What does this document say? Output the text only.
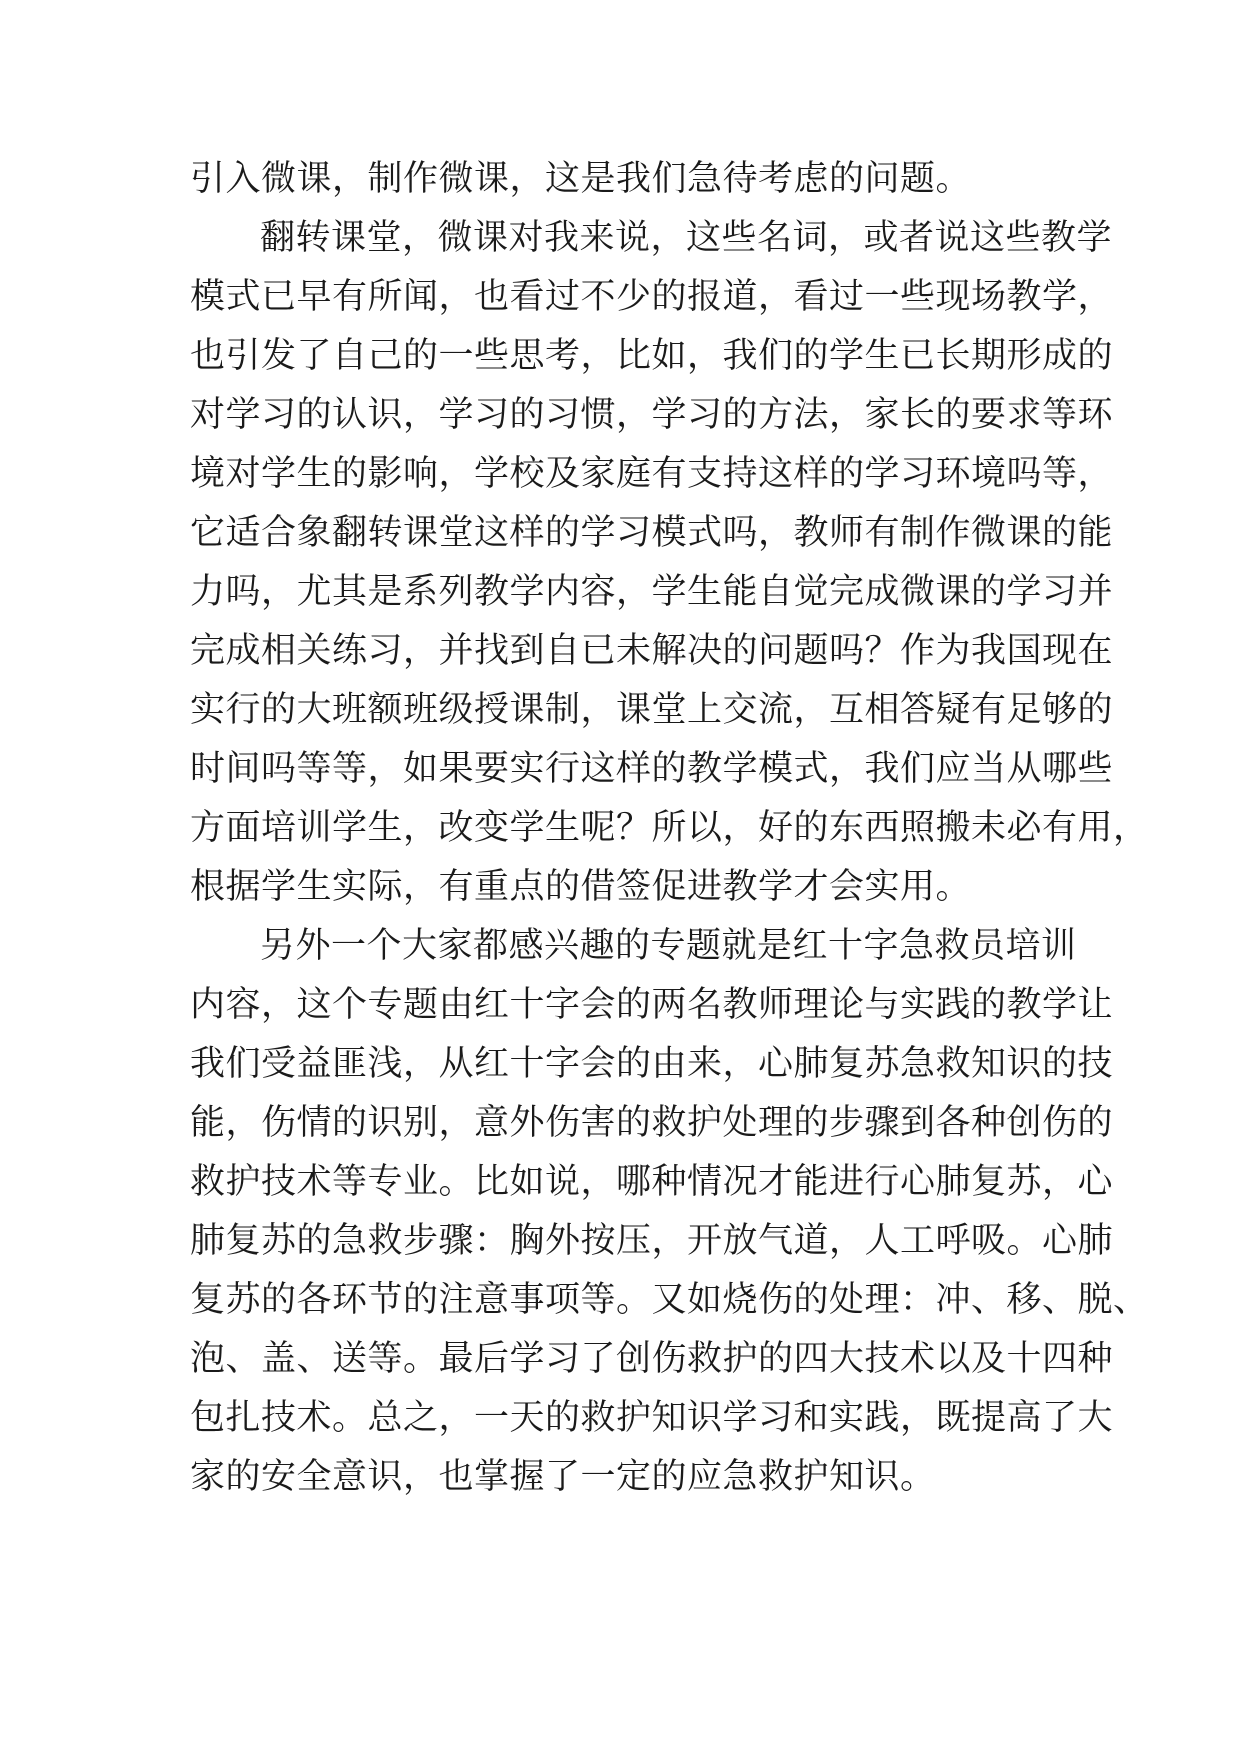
引入微课，制作微课，这是我们急待考虑的问题。
翻转课堂，微课对我来说，这些名词，或者说这些教学
模式已早有所闻，也看过不少的报道，看过一些现场教学，
也引发了自己的一些思考，比如，我们的学生已长期形成的
对学习的认识，学习的习惯，学习的方法，家长的要求等环
境对学生的影响，学校及家庭有支持这样的学习环境吗等，
它适合象翻转课堂这样的学习模式吗，教师有制作微课的能
力吗，尤其是系列教学内容，学生能自觉完成微课的学习并
完成相关练习，并找到自已未解决的问题吗？作为我国现在
实行的大班额班级授课制，课堂上交流，互相答疑有足够的
时间吗等等，如果要实行这样的教学模式，我们应当从哪些
方面培训学生，改变学生呢？所以，好的东西照搬未必有用，
根据学生实际，有重点的借签促进教学才会实用。
另外一个大家都感兴趣的专题就是红十字急救员培训
内容，这个专题由红十字会的两名教师理论与实践的教学让
我们受益匪浅，从红十字会的由来，心肺复苏急救知识的技
能，伤情的识别，意外伤害的救护处理的步骤到各种创伤的
救护技术等专业。比如说，哪种情况才能进行心肺复苏，心
肺复苏的急救步骤：胸外按压，开放气道，人工呼吸。心肺
复苏的各环节的注意事项等。又如烧伤的处理：冲、移、脱、
泡、盖、送等。最后学习了创伤救护的四大技术以及十四种
包扎技术。总之，一天的救护知识学习和实践，既提高了大
家的安全意识，也掌握了一定的应急救护知识。
